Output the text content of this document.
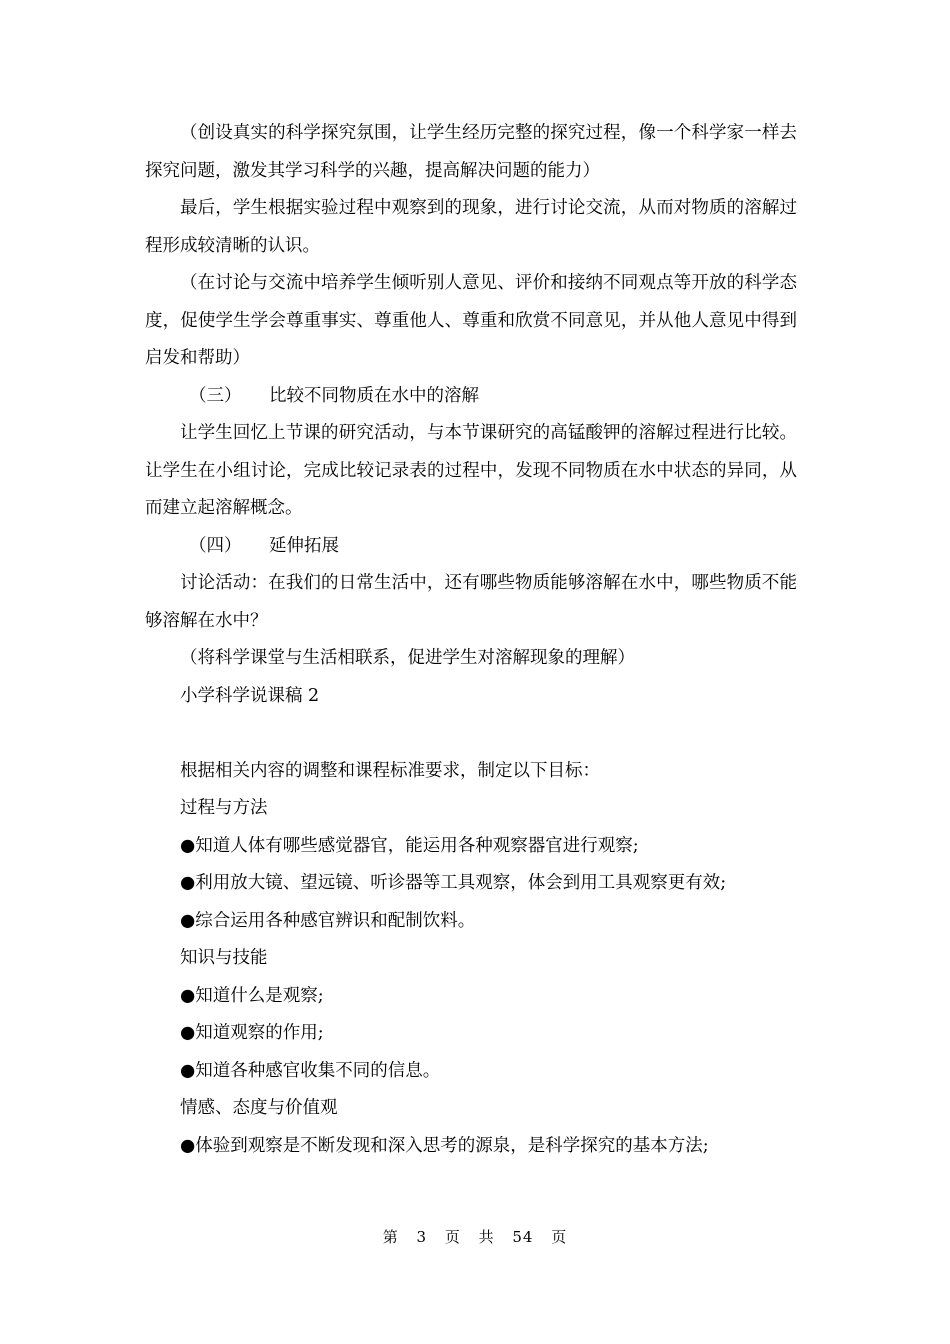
（创设真实的科学探究氛围，让学生经历完整的探究过程，像一个科学家一样去探究问题，激发其学习科学的兴趣，提高解决问题的能力）

最后，学生根据实验过程中观察到的现象，进行讨论交流，从而对物质的溶解过程形成较清晰的认识。

（在讨论与交流中培养学生倾听别人意见、评价和接纳不同观点等开放的科学态度，促使学生学会尊重事实、尊重他人、尊重和欣赏不同意见，并从他人意见中得到启发和帮助）

（三） 比较不同物质在水中的溶解

让学生回忆上节课的研究活动，与本节课研究的高锰酸钾的溶解过程进行比较。让学生在小组讨论，完成比较记录表的过程中，发现不同物质在水中状态的异同，从而建立起溶解概念。

（四） 延伸拓展

讨论活动：在我们的日常生活中，还有哪些物质能够溶解在水中，哪些物质不能够溶解在水中？

（将科学课堂与生活相联系，促进学生对溶解现象的理解）

小学科学说课稿 2

根据相关内容的调整和课程标准要求，制定以下目标：

过程与方法

●知道人体有哪些感觉器官，能运用各种观察器官进行观察;

●利用放大镜、望远镜、听诊器等工具观察，体会到用工具观察更有效;

●综合运用各种感官辨识和配制饮料。

知识与技能

●知道什么是观察;

●知道观察的作用;

●知道各种感官收集不同的信息。

情感、态度与价值观

●体验到观察是不断发现和深入思考的源泉，是科学探究的基本方法;

第 3 页 共 54 页
